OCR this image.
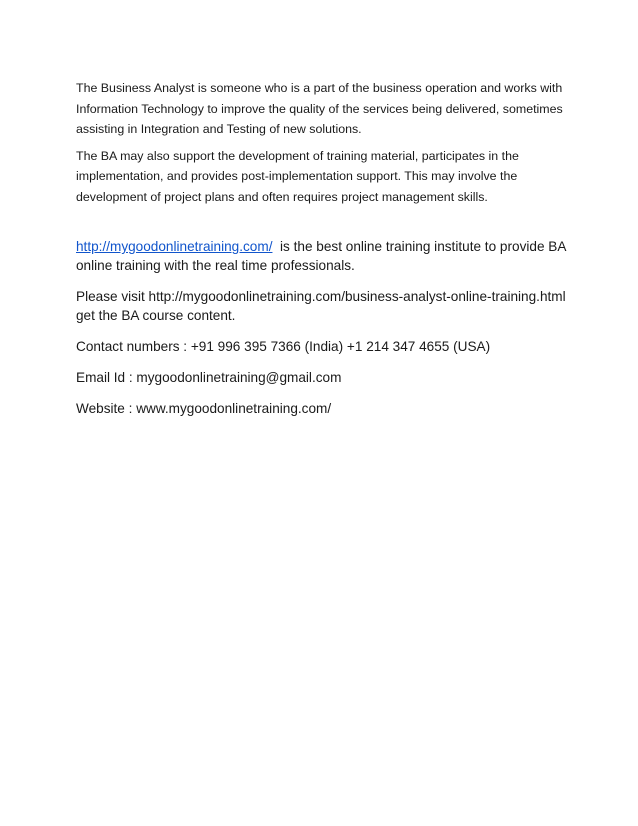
The Business Analyst is someone who is a part of the business operation and works with Information Technology to improve the quality of the services being delivered, sometimes assisting in Integration and Testing of new solutions.

The BA may also support the development of training material, participates in the implementation, and provides post-implementation support. This may involve the development of project plans and often requires project management skills.

http://mygoodonlinetraining.com/  is the best online training institute to provide BA online training with the real time professionals.

Please visit http://mygoodonlinetraining.com/business-analyst-online-training.html get the BA course content.

Contact numbers : +91 996 395 7366 (India) +1 214 347 4655 (USA)

Email Id : mygoodonlinetraining@gmail.com

Website : www.mygoodonlinetraining.com/
